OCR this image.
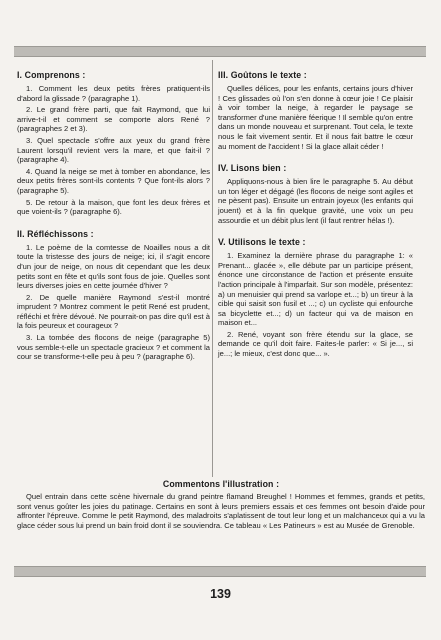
I. Comprenons :

1. Comment les deux petits frères pratiquent-ils d'abord la glissade ? (paragraphe 1).

2. Le grand frère parti, que fait Raymond, que lui arrive-t-il et comment se comporte alors René ? (paragraphes 2 et 3).

3. Quel spectacle s'offre aux yeux du grand frère Laurent lorsqu'il revient vers la mare, et que fait-il ? (paragraphe 4).

4. Quand la neige se met à tomber en abondance, les deux petits frères sont-ils contents ? Que font-ils alors ? (paragraphe 5).

5. De retour à la maison, que font les deux frères et que voient-ils ? (paragraphe 6).

II. Réfléchissons :

1. Le poème de la comtesse de Noailles nous a dit toute la tristesse des jours de neige; ici, il s'agit encore d'un jour de neige, on nous dit cependant que les deux petits sont en fête et qu'ils sont fous de joie. Quelles sont leurs diverses joies en cette journée d'hiver ?

2. De quelle manière Raymond s'est-il montré imprudent ? Montrez comment le petit René est prudent, réfléchi et frère dévoué. Ne pourrait-on pas dire qu'il est à la fois peureux et courageux ?

3. La tombée des flocons de neige (paragraphe 5) vous semble-t-elle un spectacle gracieux ? et comment la cour se transforme-t-elle peu à peu ? (paragraphe 6).

III. Goûtons le texte :

Quelles délices, pour les enfants, certains jours d'hiver ! Ces glissades où l'on s'en donne à cœur joie ! Ce plaisir à voir tomber la neige, à regarder le paysage se transformer d'une manière féerique ! Il semble qu'on entre dans un monde nouveau et surprenant. Tout cela, le texte nous le fait vivement sentir. Et il nous fait battre le cœur au moment de l'accident ! Si la glace allait céder !

IV. Lisons bien :

Appliquons-nous à bien lire le paragraphe 5. Au début un ton léger et dégagé (les flocons de neige sont agiles et ne pèsent pas). Ensuite un entrain joyeux (les enfants qui jouent) et à la fin quelque gravité, une voix un peu assourdie et un débit plus lent (il faut rentrer hélas !).

V. Utilisons le texte :

1. Examinez la dernière phrase du paragraphe 1: « Prenant... glacée », elle débute par un participe présent, énonce une circonstance de l'action et présente ensuite l'action principale à l'imparfait. Sur son modèle, présentez: a) un menuisier qui prend sa varlope et...; b) un tireur à la cible qui saisit son fusil et ...; c) un cycliste qui enfourche sa bicyclette et...; d) un facteur qui va de maison en maison et...

2. René, voyant son frère étendu sur la glace, se demande ce qu'il doit faire. Faites-le parler: « Si je..., si je...; le mieux, c'est donc que... ».

Commentons l'illustration :

Quel entrain dans cette scène hivernale du grand peintre flamand Breughel ! Hommes et femmes, grands et petits, sont venus goûter les joies du patinage. Certains en sont à leurs premiers essais et ces femmes ont besoin d'aide pour affronter l'épreuve. Comme le petit Raymond, des maladroits s'aplatissent de tout leur long et un malchanceux qui a vu la glace céder sous lui prend un bain froid dont il se souviendra. Ce tableau « Les Patineurs » est au Musée de Grenoble.

139
